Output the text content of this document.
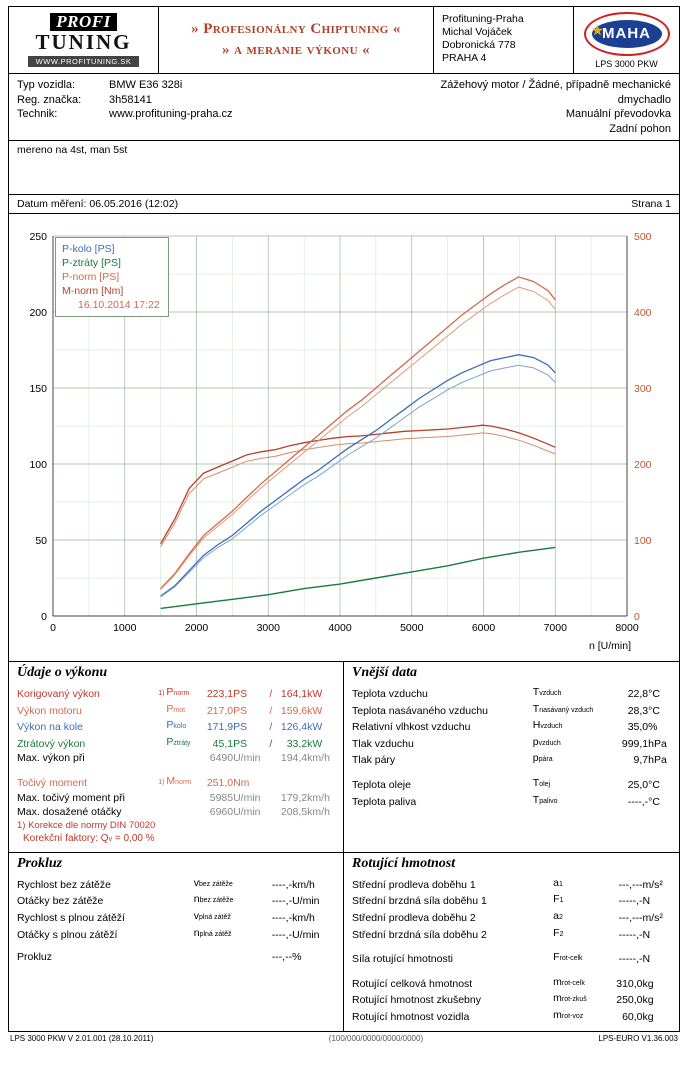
PROFI
TUNING
WWW.PROFITUNING.SK
» Profesionálny Chiptuning «
» a meranie výkonu «
Profituning-Praha
Michal Vojáček
Dobronická 778
PRAHA 4
MAHA
LPS 3000 PKW
Typ vozidla:	BMW E36 328i
Reg. značka:	3h58141
Technik:	www.profituning-praha.cz
Zážehový motor / Žádné, případně mechanické dmychadlo
Manuální převodovka
Zadní pohon
mereno na 4st, man 5st
Datum měření: 06.05.2016 (12:02)	Strana 1
0	1000	2000	3000	4000	5000	6000	7000	8000
0
50
100
150
200
250
0
100
200
300
400
500
n [U/min]
P-kolo [PS]
P-ztráty [PS]
P-norm [PS]
M-norm [Nm]
16.10.2014 17:22
Údaje o výkonu
Korigovaný výkon	1)	Pnorm	223,1	PS	/	164,1	kW
Výkon motoru		Pmot	217,0	PS	/	159,6	kW
Výkon na kole		Pkolo	171,9	PS	/	126,4	kW
Ztrátový výkon		Pztráty	45,1	PS	/	33,2	kW
Max. výkon při			6490	U/min		194,4	km/h

Točivý moment	1)	Mnorm	251,0	Nm			
Max. točivý moment při			5985	U/min		179,2	km/h
Max. dosažené otáčky			6960	U/min		208,5	km/h
1) Korekce dle normy DIN 70020
Korekční faktory: Qv = 0,00 %
Vnější data
Teplota vzduchu	Tvzduch	22,8	°C
Teplota nasávaného vzduchu	Tnasávaný vzduch	28,3	°C
Relativní vlhkost vzduchu	Hvzduch	35,0	%
Tlak vzduchu	pvzduch	999,1	hPa
Tlak páry	ppára	9,7	hPa

Teplota oleje	Tolej	25,0	°C
Teplota paliva	Tpalivo	----,-	°C
Prokluz
Rychlost bez zátěže	vbez zátěže	----,-	km/h
Otáčky bez zátěže	nbez zátěže	----,-	U/min
Rychlost s plnou zátěží	vplná zátěž	----,-	km/h
Otáčky s plnou zátěží	nplná zátěž	----,-	U/min

Prokluz		---,--	%
Rotující hmotnost
Střední prodleva doběhu 1	a1	---,---	m/s²
Střední brzdná síla doběhu 1	F1	-----,-	N
Střední prodleva doběhu 2	a2	---,---	m/s²
Střední brzdná síla doběhu 2	F2	-----,-	N

Síla rotující hmotnosti	Frot-celk	-----,-	N

Rotující celková hmotnost	mrot-celk	310,0	kg
Rotující hmotnost zkušebny	mrot-zkuš	250,0	kg
Rotující hmotnost vozidla	mrot-voz	60,0	kg
LPS 3000 PKW V 2.01.001 (28.10.2011)	(100/000/0000/0000/0000)	LPS-EURO V1.36.003
